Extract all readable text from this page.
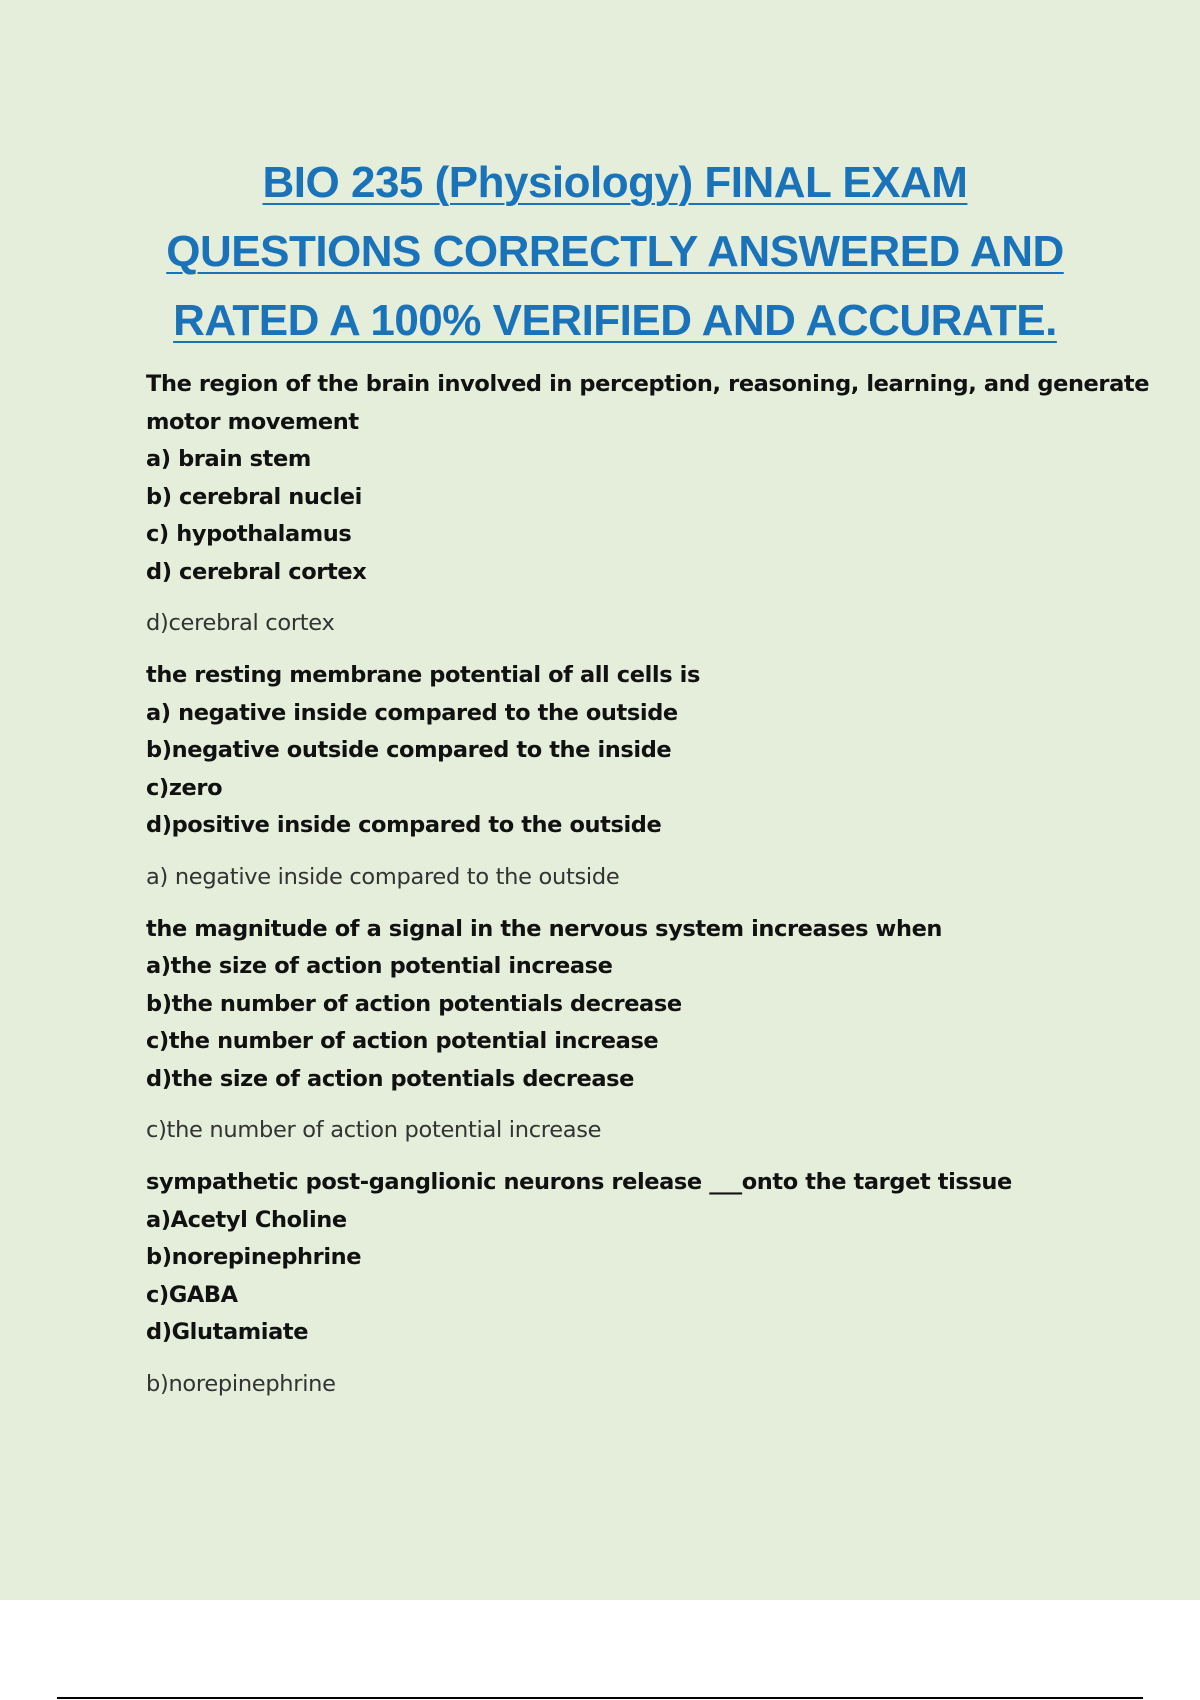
BIO 235 (Physiology) FINAL EXAM
QUESTIONS CORRECTLY ANSWERED AND
RATED A 100% VERIFIED AND ACCURATE.
The region of the brain involved in perception, reasoning, learning, and generate
motor movement
a) brain stem
b) cerebral nuclei
c) hypothalamus
d) cerebral cortex
d)cerebral cortex
the resting membrane potential of all cells is
a) negative inside compared to the outside
b)negative outside compared to the inside
c)zero
d)positive inside compared to the outside
a) negative inside compared to the outside
the magnitude of a signal in the nervous system increases when
a)the size of action potential increase
b)the number of action potentials decrease
c)the number of action potential increase
d)the size of action potentials decrease
c)the number of action potential increase
sympathetic post-ganglionic neurons release ___onto the target tissue
a)Acetyl Choline
b)norepinephrine
c)GABA
d)Glutamiate
b)norepinephrine
